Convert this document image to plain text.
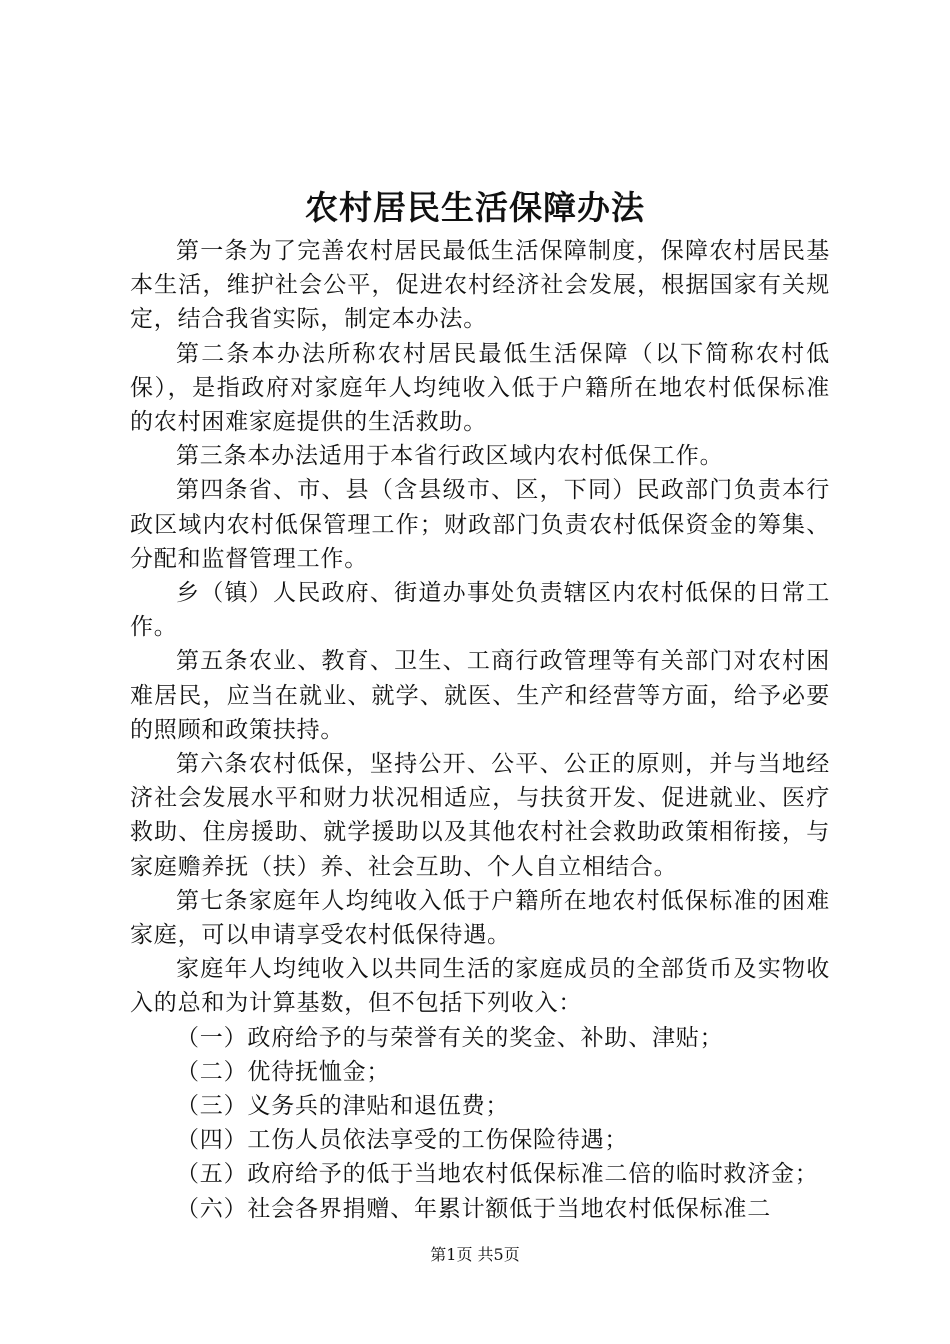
农村居民生活保障办法

第一条为了完善农村居民最低生活保障制度，保障农村居民基本生活，维护社会公平，促进农村经济社会发展，根据国家有关规定，结合我省实际，制定本办法。

第二条本办法所称农村居民最低生活保障（以下简称农村低保），是指政府对家庭年人均纯收入低于户籍所在地农村低保标准的农村困难家庭提供的生活救助。

第三条本办法适用于本省行政区域内农村低保工作。

第四条省、市、县（含县级市、区，下同）民政部门负责本行政区域内农村低保管理工作；财政部门负责农村低保资金的筹集、分配和监督管理工作。

乡（镇）人民政府、街道办事处负责辖区内农村低保的日常工作。

第五条农业、教育、卫生、工商行政管理等有关部门对农村困难居民，应当在就业、就学、就医、生产和经营等方面，给予必要的照顾和政策扶持。

第六条农村低保，坚持公开、公平、公正的原则，并与当地经济社会发展水平和财力状况相适应，与扶贫开发、促进就业、医疗救助、住房援助、就学援助以及其他农村社会救助政策相衔接，与家庭赡养抚（扶）养、社会互助、个人自立相结合。

第七条家庭年人均纯收入低于户籍所在地农村低保标准的困难家庭，可以申请享受农村低保待遇。

家庭年人均纯收入以共同生活的家庭成员的全部货币及实物收入的总和为计算基数，但不包括下列收入：

（一）政府给予的与荣誉有关的奖金、补助、津贴；

（二）优待抚恤金；

（三）义务兵的津贴和退伍费；

（四）工伤人员依法享受的工伤保险待遇；

（五）政府给予的低于当地农村低保标准二倍的临时救济金；

（六）社会各界捐赠、年累计额低于当地农村低保标准二

第1页 共5页
